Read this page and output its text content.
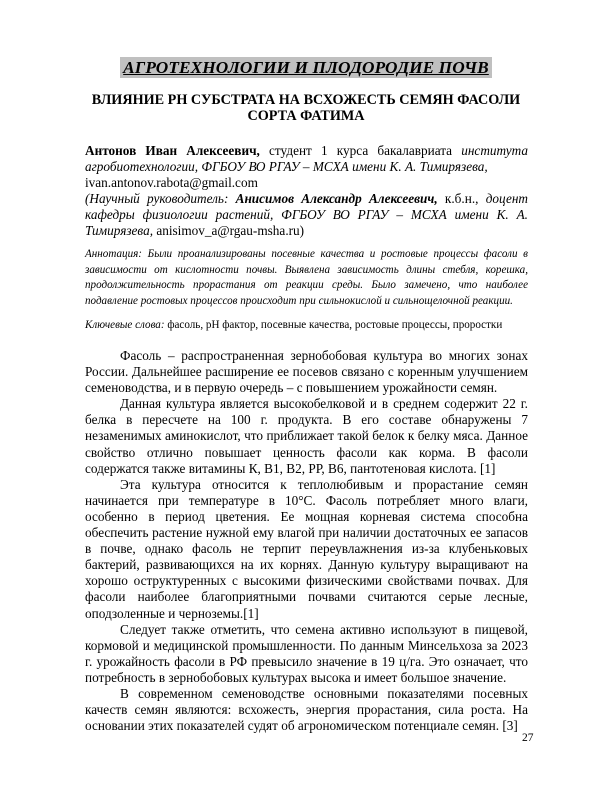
АГРОТЕХНОЛОГИИ И ПЛОДОРОДИЕ ПОЧВ
ВЛИЯНИЕ РН СУБСТРАТА НА ВСХОЖЕСТЬ СЕМЯН ФАСОЛИ
СОРТА ФАТИМА

Антонов Иван Алексеевич, студент 1 курса бакалавриата института агробиотехнологии, ФГБОУ ВО РГАУ – МСХА имени К. А. Тимирязева,
ivan.antonov.rabota@gmail.com

(Научный руководитель: Анисимов Александр Алексеевич, к.б.н., доцент кафедры физиологии растений, ФГБОУ ВО РГАУ – МСХА имени К. А. Тимирязева, anisimov_a@rgau-msha.ru)

Аннотация: Были проанализированы посевные качества и ростовые процессы фасоли в зависимости от кислотности почвы. Выявлена зависимость длины стебля, корешка, продолжительность прорастания от реакции среды. Было замечено, что наиболее подавление ростовых процессов происходит при сильнокислой и сильнощелочной реакции.

Ключевые слова: фасоль, pH фактор, посевные качества, ростовые процессы, проростки

Фасоль – распространенная зернобобовая культура во многих зонах России. Дальнейшее расширение ее посевов связано с коренным улучшением семеноводства, и в первую очередь – с повышением урожайности семян.

Данная культура является высокобелковой и в среднем содержит 22 г. белка в пересчете на 100 г. продукта. В его составе обнаружены 7 незаменимых аминокислот, что приближает такой белок к белку мяса. Данное свойство отлично повышает ценность фасоли как корма. В фасоли содержатся также витамины К, В1, В2, РР, В6, пантотеновая кислота. [1]

Эта культура относится к теплолюбивым и прорастание семян начинается при температуре в 10°С. Фасоль потребляет много влаги, особенно в период цветения. Ее мощная корневая система способна обеспечить растение нужной ему влагой при наличии достаточных ее запасов в почве, однако фасоль не терпит переувлажнения из-за клубеньковых бактерий, развивающихся на их корнях. Данную культуру выращивают на хорошо оструктуренных с высокими физическими свойствами почвах. Для фасоли наиболее благоприятными почвами считаются серые лесные, оподзоленные и черноземы.[1]

Следует также отметить, что семена активно используют в пищевой, кормовой и медицинской промышленности. По данным Минсельхоза за 2023 г. урожайность фасоли в РФ превысило значение в 19 ц/га. Это означает, что потребность в зернобобовых культурах высока и имеет большое значение.

В современном семеноводстве основными показателями посевных качеств семян являются: всхожесть, энергия прорастания, сила роста. На основании этих показателей судят об агрономическом потенциале семян. [3]

27
